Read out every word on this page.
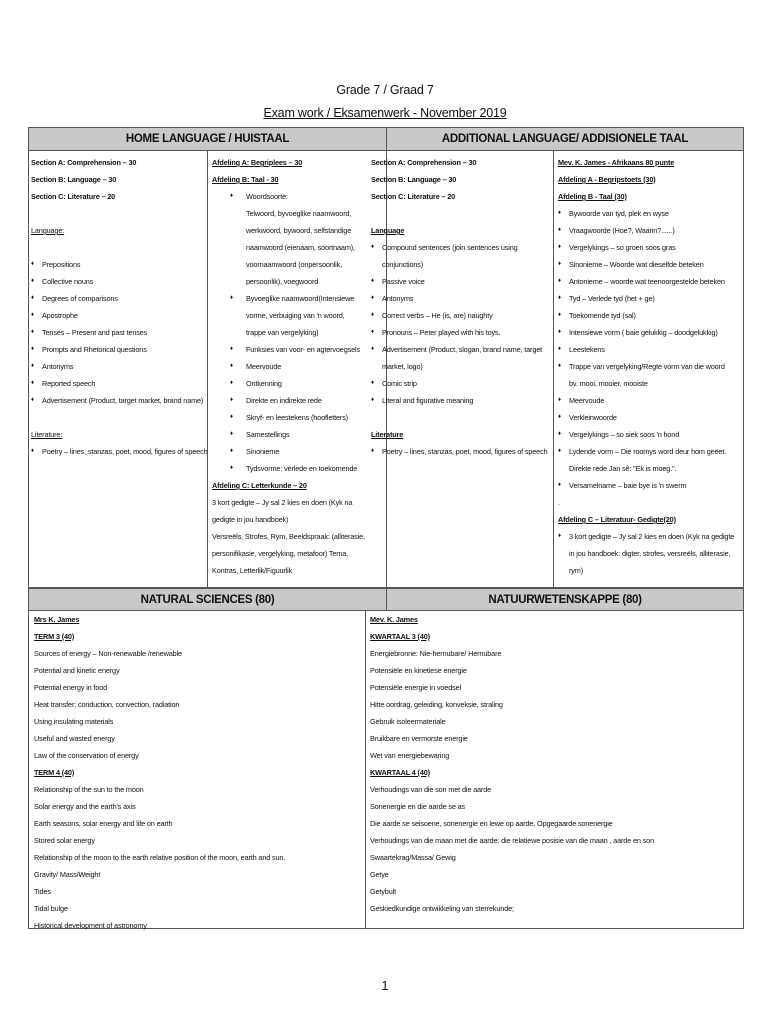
Grade 7 / Graad 7
Exam work / Eksamenwerk - November 2019
HOME LANGUAGE / HUISTAAL	ADDITIONAL LANGUAGE/ ADDISIONELE TAAL
Section A: Comprehension – 30
Section B: Language – 30
Section C: Literature – 20
Language:
♦ Prepositions
♦ Collective nouns
♦ Degrees of comparisons
♦ Apostrophe
♦ Tenses – Present and past tenses
♦ Prompts and Rhetorical questions
♦ Antonyms
♦ Reported speech
♦ Advertisement (Product, target market, brand name)
Literature:
♦ Poetry – lines, stanzas, poet, mood, figures of speech
Afdeling A: Begriplees – 30
Afdeling B: Taal - 30
♦ Woordsoorte:
Telwoord, byvoeglike naamwoord,
werkwoord, bywoord, selfstandige
naamwoord (eienaam, soortnaam),
voornaamwoord (onpersoonlik,
persoonlik), voegwoord
♦ Byvoeglike naamwoord(Intensiewe
vorme, verbuiging van 'n woord,
trappe van vergelyking)
♦ Funksies van voor- en agtervoegsels
♦ Meervoude
♦ Ontkenning
♦ Direkte en indirekte rede
♦ Skryf- en leestekens (hoofletters)
♦ Samestellings
♦ Sinonieme
♦ Tydsvorme: verlede en toekomende
Afdeling C: Letterkunde – 20
3 kort gedigte – Jy sal 2 kies en doen (Kyk na
gedigte in jou handboek)
Versreëls, Strofes, Rym, Beeldspraak: (alliterasie,
personifikasie, vergelyking, metafoor) Tema,
Kontras, Letterlik/Figuurlik
Section A: Comprehension – 30
Section B: Language – 30
Section C: Literature – 20
Language
♦ Compound sentences (join sentences using
conjunctions)
♦ Passive voice
♦ Antonyms
♦ Correct verbs – He (is, are) naughty
♦ Pronouns – Peter played with his toys.
♦ Advertisement (Product, slogan, brand name, target
market, logo)
♦ Comic strip
♦ Literal and figurative meaning
Literature
♦ Poetry – lines, stanzas, poet, mood, figures of speech
Mev. K. James - Afrikaans 80 punte
Afdeling A - Begripstoets (30)
Afdeling B - Taal (30)
♦ Bywoorde van tyd, plek en wyse
♦ Vraagwoorde (Hoe?, Waarin?......)
♦ Vergelykings – so groen soos gras
♦ Sinonieme – Woorde wat dieselfde beteken
♦ Antonieme – woorde wat teenoorgestelde beteken
♦ Tyd – Verlede tyd (het + ge)
♦ Toekomende tyd (sal)
♦ Intensiewe vorm ( baie gelukkig – doodgelukkig)
♦ Leestekens
♦ Trappe van vergelyking/Regte vorm van die woord
bv. mooi, mooier, mooiste
♦ Meervoude
♦ Verkleinwoorde
♦ Vergelykings – so siek soos 'n hond
♦ Lydende vorm – Die roomys word deur hom geëet.
Direkte rede Jan sê: "Ek is moeg.".
♦ Versamelname – baie bye is 'n swerm
.
Afdeling C – Literatuur- Gedigte(20)
♦ 3 kort gedigte – Jy sal 2 kies en doen (Kyk na gedigte
in jou handboek: digter, strofes, versreëls, alliterasie,
rym)
NATURAL SCIENCES (80)	NATUURWETENSKAPPE (80)
Mrs K. James
TERM 3 (40)
Sources of energy – Non-renewable /renewable
Potential and kinetic energy
Potential energy in food
Heat transfer: conduction, convection, radiation
Using insulating materials
Useful and wasted energy
Law of the conservation of energy
TERM 4 (40)
Relationship of the sun to the moon
Solar energy and the earth's axis
Earth seasons, solar energy and life on earth
Stored solar energy
Relationship of the moon to the earth relative position of the moon, earth and sun.
Gravity/ Mass/Weight
Tides
Tidal bulge
Historical development of astronomy
Mev. K. James
KWARTAAL 3 (40)
Energiebronne: Nie-hernubare/ Hernubare
Potensiële en kinetiese energie
Potensiële energie in voedsel
Hitte oordrag, geleiding, konveksie, straling
Gebruik isoleermateriale
Bruikbare en vermorste energie
Wet van energiebewaring
KWARTAAL 4 (40)
Verhoudings van die son met die aarde
Sonenergie en die aarde se as
Die aarde se seisoene, sonenergie en lewe op aarde, Opgegaarde sonenergie
Verhoudings van die maan met die aarde: die relatiewe posisie van die maan , aarde en son
Swaartekrag/Massa/ Gewig
Getye
Getybult
Geskiedkundige ontwikkeling van sterrekunde;
1
